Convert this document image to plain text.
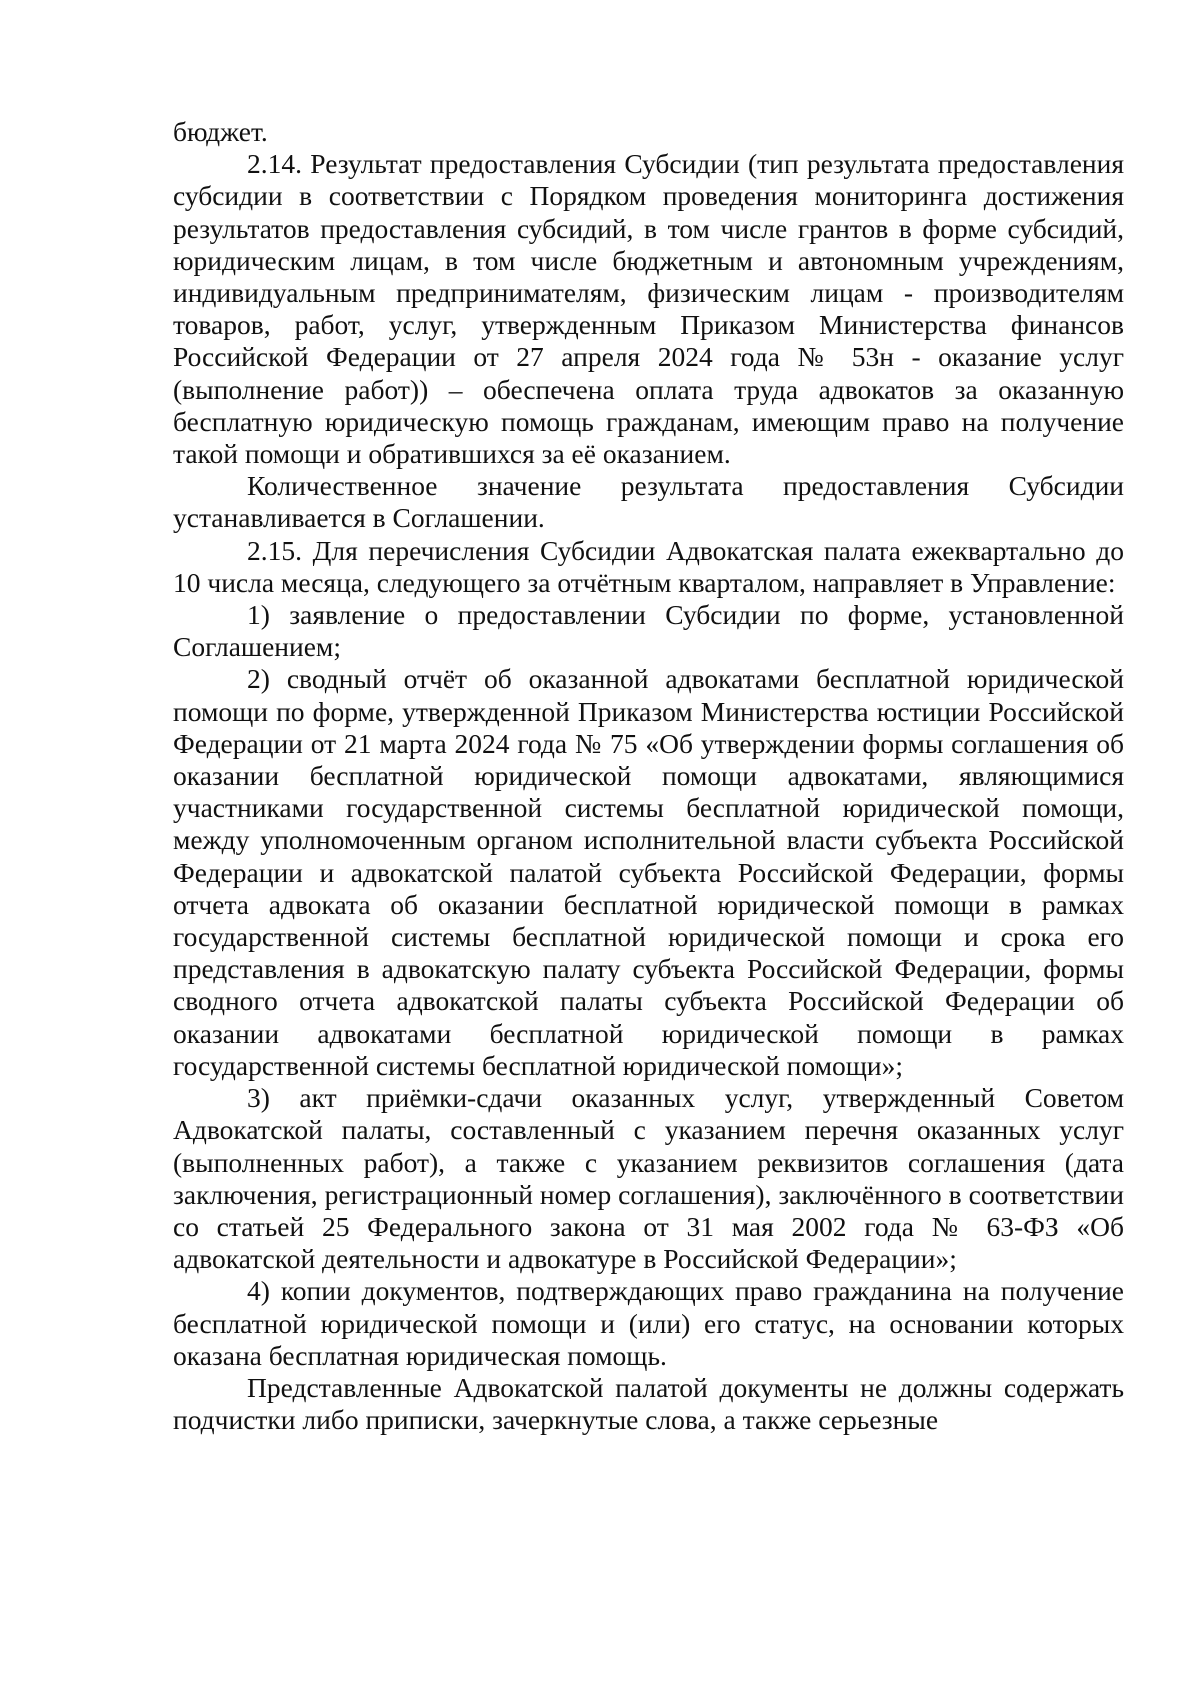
бюджет.

2.14. Результат предоставления Субсидии (тип результата предоставления субсидии в соответствии с Порядком проведения мониторинга достижения результатов предоставления субсидий, в том числе грантов в форме субсидий, юридическим лицам, в том числе бюджетным и автономным учреждениям, индивидуальным предпринимателям, физическим лицам - производителям товаров, работ, услуг, утвержденным Приказом Министерства финансов Российской Федерации от 27 апреля 2024 года № 53н - оказание услуг (выполнение работ)) – обеспечена оплата труда адвокатов за оказанную бесплатную юридическую помощь гражданам, имеющим право на получение такой помощи и обратившихся за её оказанием.

Количественное значение результата предоставления Субсидии устанавливается в Соглашении.

2.15. Для перечисления Субсидии Адвокатская палата ежеквартально до 10 числа месяца, следующего за отчётным кварталом, направляет в Управление:

1) заявление о предоставлении Субсидии по форме, установленной Соглашением;

2) сводный отчёт об оказанной адвокатами бесплатной юридической помощи по форме, утвержденной Приказом Министерства юстиции Российской Федерации от 21 марта 2024 года № 75 «Об утверждении формы соглашения об оказании бесплатной юридической помощи адвокатами, являющимися участниками государственной системы бесплатной юридической помощи, между уполномоченным органом исполнительной власти субъекта Российской Федерации и адвокатской палатой субъекта Российской Федерации, формы отчета адвоката об оказании бесплатной юридической помощи в рамках государственной системы бесплатной юридической помощи и срока его представления в адвокатскую палату субъекта Российской Федерации, формы сводного отчета адвокатской палаты субъекта Российской Федерации об оказании адвокатами бесплатной юридической помощи в рамках государственной системы бесплатной юридической помощи»;

3) акт приёмки-сдачи оказанных услуг, утвержденный Советом Адвокатской палаты, составленный с указанием перечня оказанных услуг (выполненных работ), а также с указанием реквизитов соглашения (дата заключения, регистрационный номер соглашения), заключённого в соответствии со статьей 25 Федерального закона от 31 мая 2002 года № 63-ФЗ «Об адвокатской деятельности и адвокатуре в Российской Федерации»;

4) копии документов, подтверждающих право гражданина на получение бесплатной юридической помощи и (или) его статус, на основании которых оказана бесплатная юридическая помощь.

Представленные Адвокатской палатой документы не должны содержать подчистки либо приписки, зачеркнутые слова, а также серьезные
